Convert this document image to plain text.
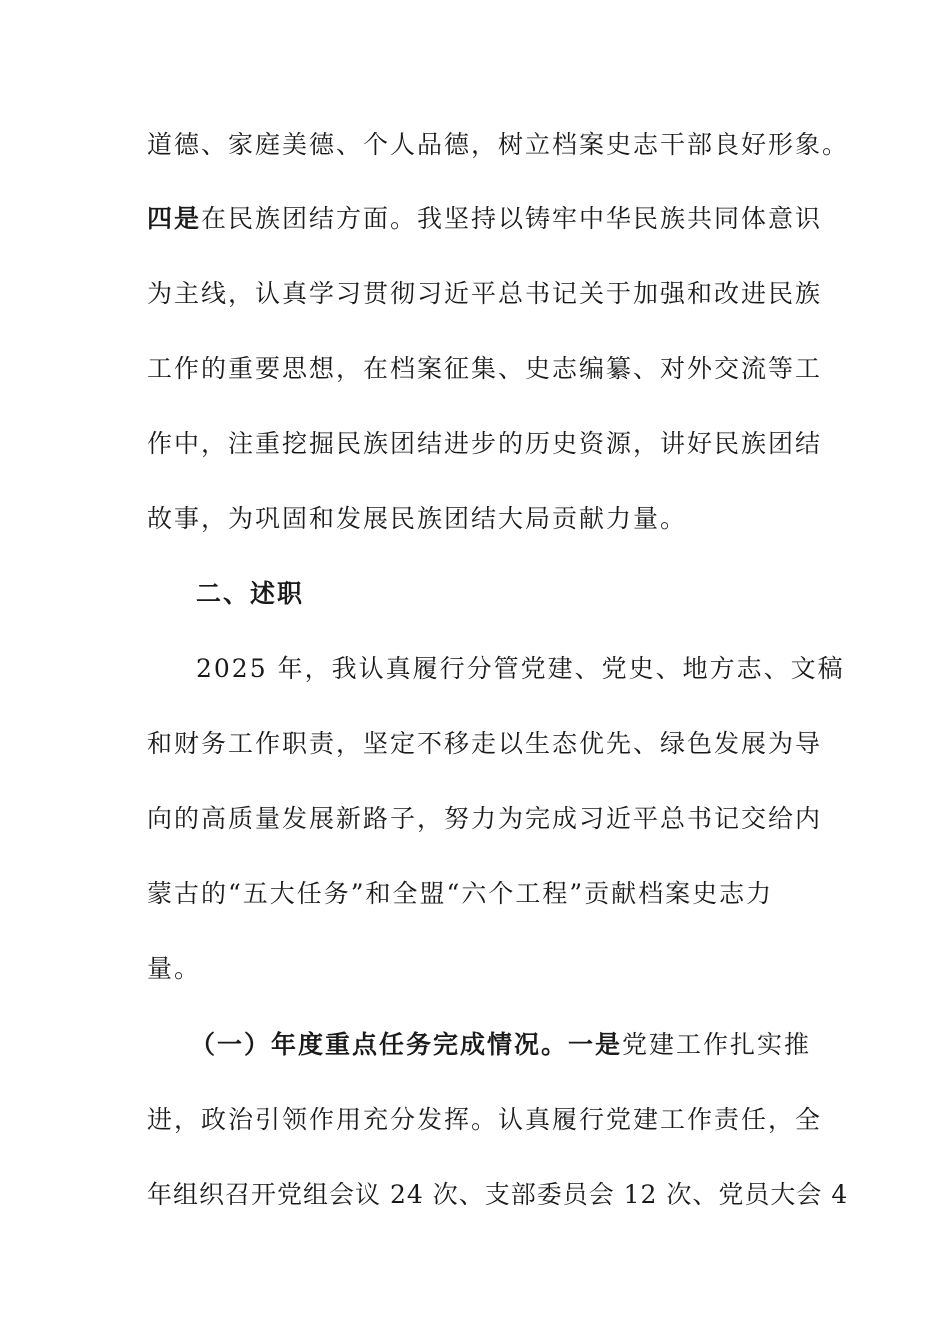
道德、家庭美德、个人品德，树立档案史志干部良好形象。
四是在民族团结方面。我坚持以铸牢中华民族共同体意识
为主线，认真学习贯彻习近平总书记关于加强和改进民族
工作的重要思想，在档案征集、史志编纂、对外交流等工
作中，注重挖掘民族团结进步的历史资源，讲好民族团结
故事，为巩固和发展民族团结大局贡献力量。
二、述职
2025 年，我认真履行分管党建、党史、地方志、文稿
和财务工作职责，坚定不移走以生态优先、绿色发展为导
向的高质量发展新路子，努力为完成习近平总书记交给内
蒙古的“五大任务”和全盟“六个工程”贡献档案史志力
量。
（一）年度重点任务完成情况。一是党建工作扎实推
进，政治引领作用充分发挥。认真履行党建工作责任，全
年组织召开党组会议 24 次、支部委员会 12 次、党员大会 4
